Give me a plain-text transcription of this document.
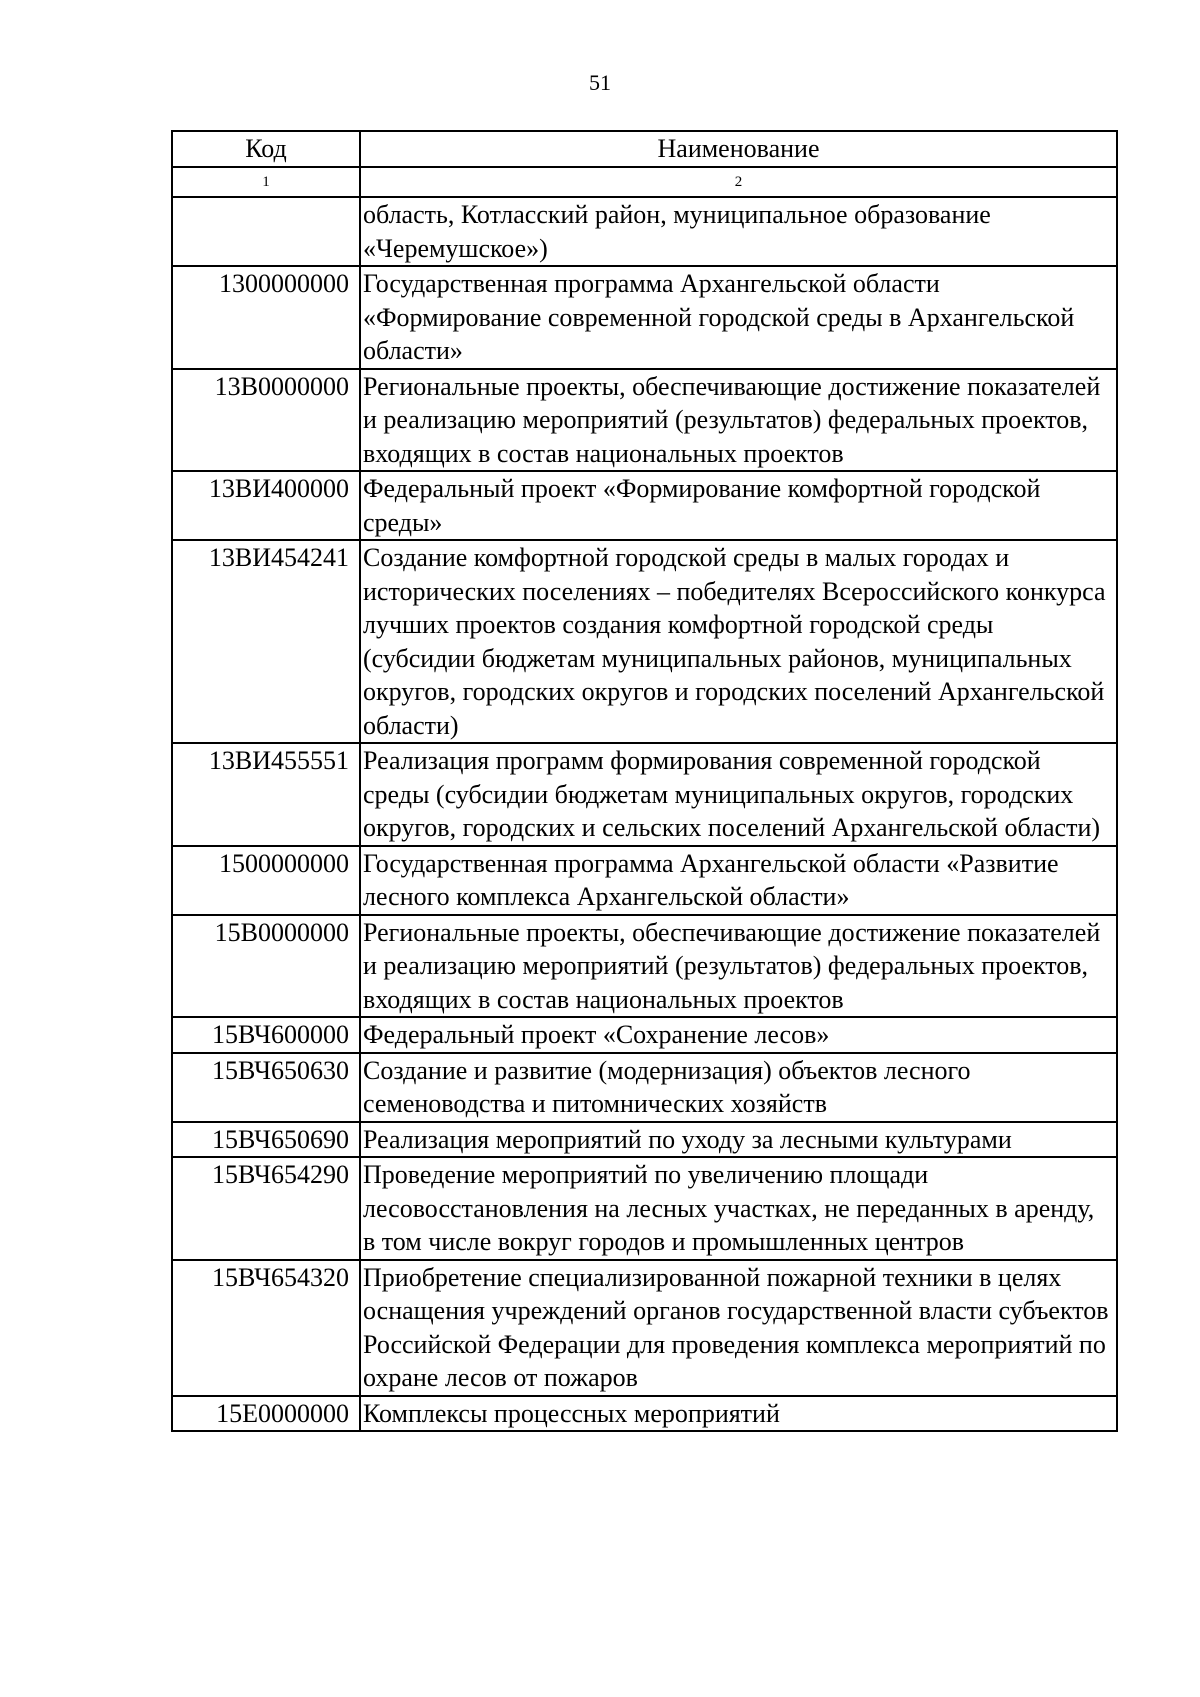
51
Код	Наименование
1	2
	область, Котласский район, муниципальное образование «Черемушское»)
1300000000	Государственная программа Архангельской области «Формирование современной городской среды в Архангельской области»
13В0000000	Региональные проекты, обеспечивающие достижение показателей и реализацию мероприятий (результатов) федеральных проектов, входящих в состав национальных проектов
13ВИ400000	Федеральный проект «Формирование комфортной городской среды»
13ВИ454241	Создание комфортной городской среды в малых городах и исторических поселениях – победителях Всероссийского конкурса лучших проектов создания комфортной городской среды (субсидии бюджетам муниципальных районов, муниципальных округов, городских округов и городских поселений Архангельской области)
13ВИ455551	Реализация программ формирования современной городской среды (субсидии бюджетам муниципальных округов, городских округов, городских и сельских поселений Архангельской области)
1500000000	Государственная программа Архангельской области «Развитие лесного комплекса Архангельской области»
15В0000000	Региональные проекты, обеспечивающие достижение показателей и реализацию мероприятий (результатов) федеральных проектов, входящих в состав национальных проектов
15ВЧ600000	Федеральный проект «Сохранение лесов»
15ВЧ650630	Создание и развитие (модернизация) объектов лесного семеноводства и питомнических хозяйств
15ВЧ650690	Реализация мероприятий по уходу за лесными культурами
15ВЧ654290	Проведение мероприятий по увеличению площади лесовосстановления на лесных участках, не переданных в аренду, в том числе вокруг городов и промышленных центров
15ВЧ654320	Приобретение специализированной пожарной техники в целях оснащения учреждений органов государственной власти субъектов Российской Федерации для проведения комплекса мероприятий по охране лесов от пожаров
15Е0000000	Комплексы процессных мероприятий
